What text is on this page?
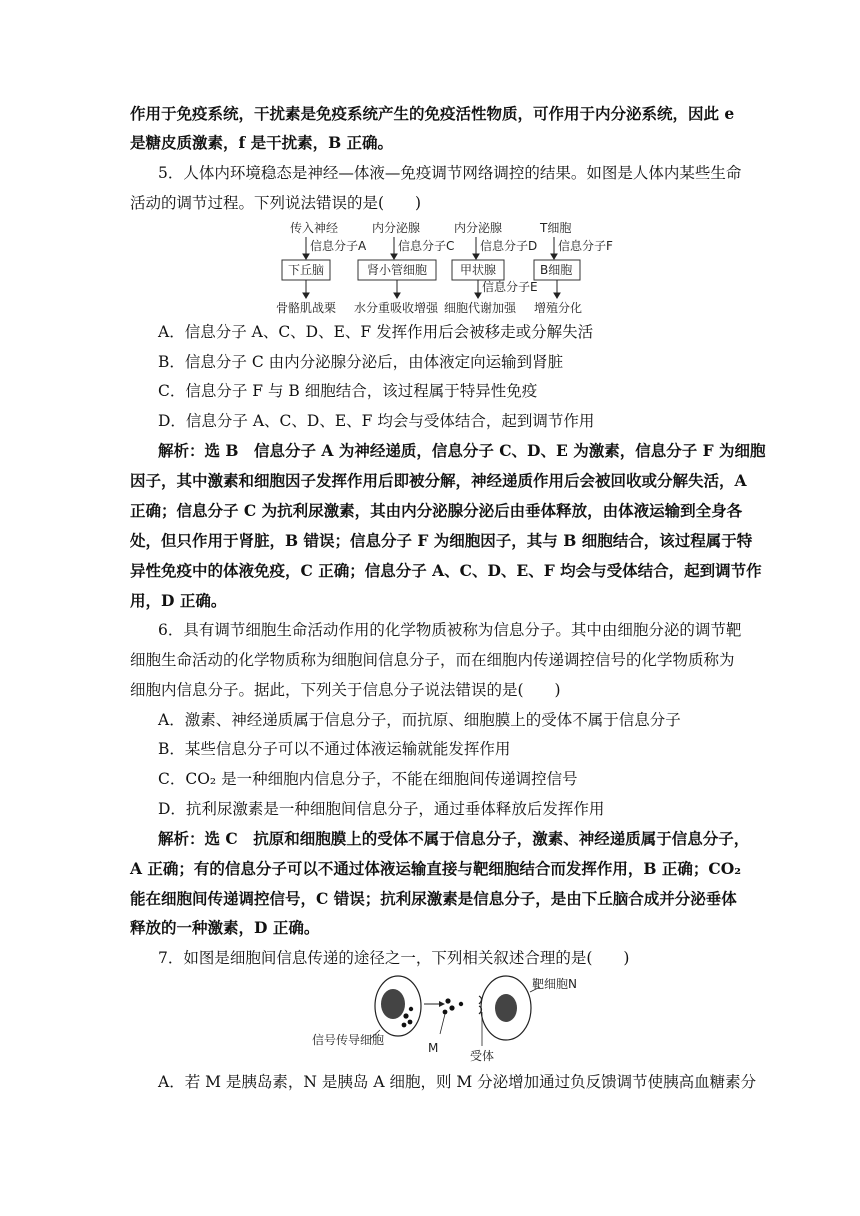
作用于免疫系统，干扰素是免疫系统产生的免疫活性物质，可作用于内分泌系统，因此 e
是糖皮质激素，f 是干扰素，B 正确。
5．人体内环境稳态是神经—体液—免疫调节网络调控的结果。如图是人体内某些生命
活动的调节过程。下列说法错误的是(　　)
传入神经	内分泌腺	内分泌腺	T细胞
信息分子A	信息分子C 信息分子D 信息分子F
下丘脑	肾小管细胞	甲状腺	B细胞
信息分子E
骨骼肌战栗 水分重吸收增强 细胞代谢加强 增殖分化
A．信息分子 A、C、D、E、F 发挥作用后会被移走或分解失活
B．信息分子 C 由内分泌腺分泌后，由体液定向运输到肾脏
C．信息分子 F 与 B 细胞结合，该过程属于特异性免疫
D．信息分子 A、C、D、E、F 均会与受体结合，起到调节作用
解析：选 B　信息分子 A 为神经递质，信息分子 C、D、E 为激素，信息分子 F 为细胞
因子，其中激素和细胞因子发挥作用后即被分解，神经递质作用后会被回收或分解失活，A
正确；信息分子 C 为抗利尿激素，其由内分泌腺分泌后由垂体释放，由体液运输到全身各
处，但只作用于肾脏，B 错误；信息分子 F 为细胞因子，其与 B 细胞结合，该过程属于特
异性免疫中的体液免疫，C 正确；信息分子 A、C、D、E、F 均会与受体结合，起到调节作
用，D 正确。
6．具有调节细胞生命活动作用的化学物质被称为信息分子。其中由细胞分泌的调节靶
细胞生命活动的化学物质称为细胞间信息分子，而在细胞内传递调控信号的化学物质称为
细胞内信息分子。据此，下列关于信息分子说法错误的是(　　)
A．激素、神经递质属于信息分子，而抗原、细胞膜上的受体不属于信息分子
B．某些信息分子可以不通过体液运输就能发挥作用
C．CO₂ 是一种细胞内信息分子，不能在细胞间传递调控信号
D．抗利尿激素是一种细胞间信息分子，通过垂体释放后发挥作用
解析：选 C　抗原和细胞膜上的受体不属于信息分子，激素、神经递质属于信息分子，
A 正确；有的信息分子可以不通过体液运输直接与靶细胞结合而发挥作用，B 正确；CO₂
能在细胞间传递调控信号，C 错误；抗利尿激素是信息分子，是由下丘脑合成并分泌垂体
释放的一种激素，D 正确。
7．如图是细胞间信息传递的途径之一，下列相关叙述合理的是(　　)
靶细胞N
信号传导细胞
M
受体
A．若 M 是胰岛素，N 是胰岛 A 细胞，则 M 分泌增加通过负反馈调节使胰高血糖素分
